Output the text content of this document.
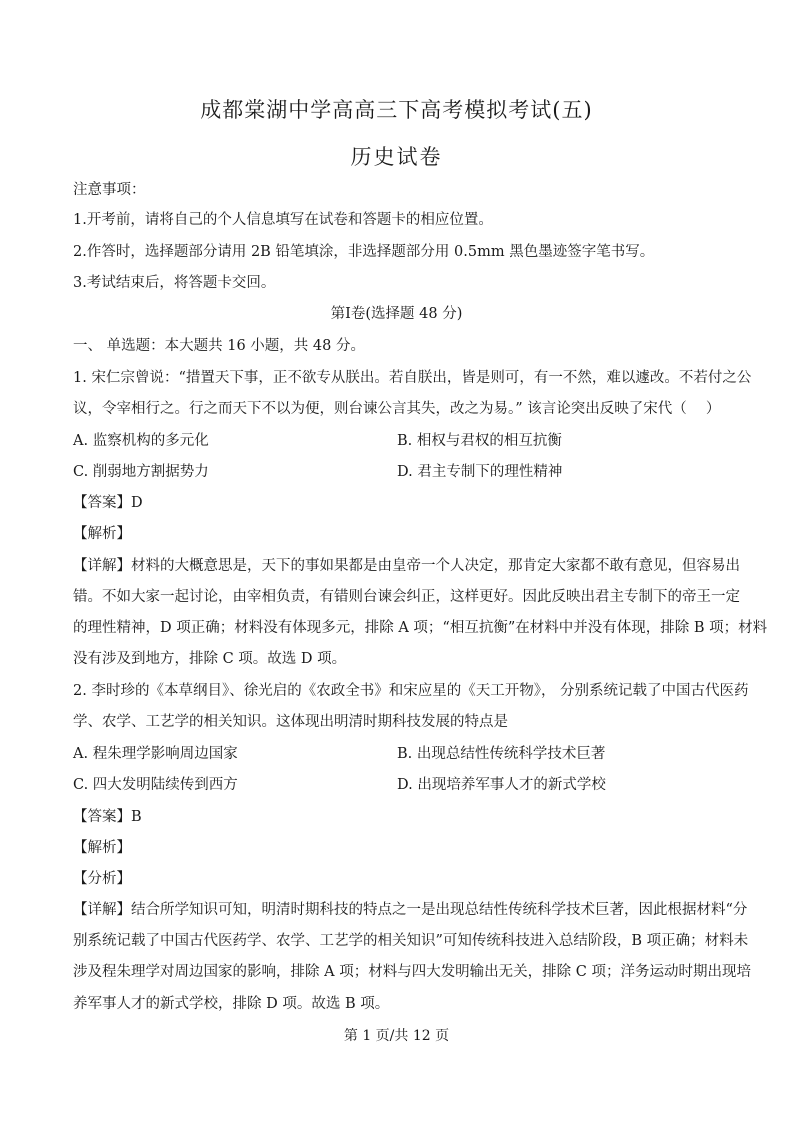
成都棠湖中学高高三下高考模拟考试(五)
历史试卷
注意事项：
1.开考前，请将自己的个人信息填写在试卷和答题卡的相应位置。
2.作答时，选择题部分请用 2B 铅笔填涂，非选择题部分用 0.5mm 黑色墨迹签字笔书写。
3.考试结束后，将答题卡交回。
第Ⅰ卷(选择题 48 分)
一、 单选题：本大题共 16 小题，共 48 分。
1. 宋仁宗曾说：“措置天下事，正不欲专从朕出。若自朕出，皆是则可，有一不然，难以遽改。不若付之公
议，令宰相行之。行之而天下不以为便，则台谏公言其失，改之为易。” 该言论突出反映了宋代（　 ）
A. 监察机构的多元化	B. 相权与君权的相互抗衡
C. 削弱地方割据势力	D. 君主专制下的理性精神
【答案】D
【解析】
【详解】材料的大概意思是，天下的事如果都是由皇帝一个人决定，那肯定大家都不敢有意见，但容易出
错。不如大家一起讨论，由宰相负责，有错则台谏会纠正，这样更好。因此反映出君主专制下的帝王一定
的理性精神，D 项正确；材料没有体现多元，排除 A 项；“相互抗衡”在材料中并没有体现，排除 B 项；材料
没有涉及到地方，排除 C 项。故选 D 项。
2. 李时珍的《本草纲目》、徐光启的《农政全书》和宋应星的《天工开物》， 分别系统记载了中国古代医药
学、农学、工艺学的相关知识。这体现出明清时期科技发展的特点是
A. 程朱理学影响周边国家	B. 出现总结性传统科学技术巨著
C. 四大发明陆续传到西方	D. 出现培养军事人才的新式学校
【答案】B
【解析】
【分析】
【详解】结合所学知识可知，明清时期科技的特点之一是出现总结性传统科学技术巨著，因此根据材料“分
别系统记载了中国古代医药学、农学、工艺学的相关知识”可知传统科技进入总结阶段，B 项正确；材料未
涉及程朱理学对周边国家的影响，排除 A 项；材料与四大发明输出无关，排除 C 项；洋务运动时期出现培
养军事人才的新式学校，排除 D 项。故选 B 项。
第 1 页/共 12 页
